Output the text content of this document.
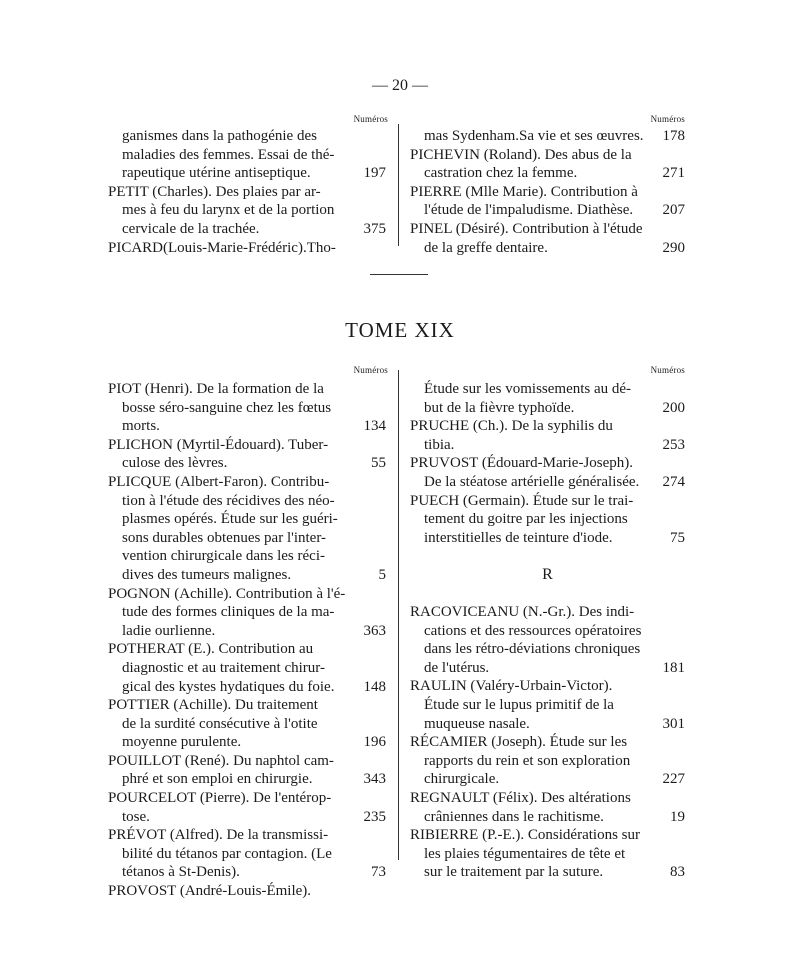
— 20 —
Numéros	Numéros
ganismes dans la pathogénie des
maladies des femmes. Essai de thé-
rapeutique utérine antiseptique.	197
PETIT (Charles). Des plaies par ar-
mes à feu du larynx et de la portion
cervicale de la trachée.	375
PICARD(Louis-Marie-Frédéric).Tho-
mas Sydenham.Sa vie et ses œuvres. 178
PICHEVIN (Roland). Des abus de la
castration chez la femme.	271
PIERRE (Mlle Marie). Contribution à
l'étude de l'impaludisme. Diathèse. 207
PINEL (Désiré). Contribution à l'étude
de la greffe dentaire.	290
TOME XIX
Numéros	Numéros
PIOT (Henri). De la formation de la
bosse séro-sanguine chez les fœtus
morts.	134
PLICHON (Myrtil-Édouard). Tuber-
culose des lèvres.	55
PLICQUE (Albert-Faron). Contribu-
tion à l'étude des récidives des néo-
plasmes opérés. Étude sur les guéri-
sons durables obtenues par l'inter-
vention chirurgicale dans les réci-
dives des tumeurs malignes.	5
POGNON (Achille). Contribution à l'é-
tude des formes cliniques de la ma-
ladie ourlienne.	363
POTHERAT (E.). Contribution au
diagnostic et au traitement chirur-
gical des kystes hydatiques du foie. 148
POTTIER (Achille). Du traitement
de la surdité consécutive à l'otite
moyenne purulente.	196
POUILLOT (René). Du naphtol cam-
phré et son emploi en chirurgie.	343
POURCELOT (Pierre). De l'entérop-
tose.	235
PRÉVOT (Alfred). De la transmissi-
bilité du tétanos par contagion. (Le
tétanos à St-Denis).	73
PROVOST (André-Louis-Émile).
Étude sur les vomissements au dé-
but de la fièvre typhoïde.	200
PRUCHE (Ch.). De la syphilis du
tibia.	253
PRUVOST (Édouard-Marie-Joseph).
De la stéatose artérielle généralisée. 274
PUECH (Germain). Étude sur le trai-
tement du goitre par les injections
interstitielles de teinture d'iode.	75
R
RACOVICEANU (N.-Gr.). Des indi-
cations et des ressources opératoires
dans les rétro-déviations chroniques
de l'utérus.	181
RAULIN (Valéry-Urbain-Victor).
Étude sur le lupus primitif de la
muqueuse nasale.	301
RÉCAMIER (Joseph). Étude sur les
rapports du rein et son exploration
chirurgicale.	227
REGNAULT (Félix). Des altérations
crâniennes dans le rachitisme.	19
RIBIERRE (P.-E.). Considérations sur
les plaies tégumentaires de tête et
sur le traitement par la suture.	83
